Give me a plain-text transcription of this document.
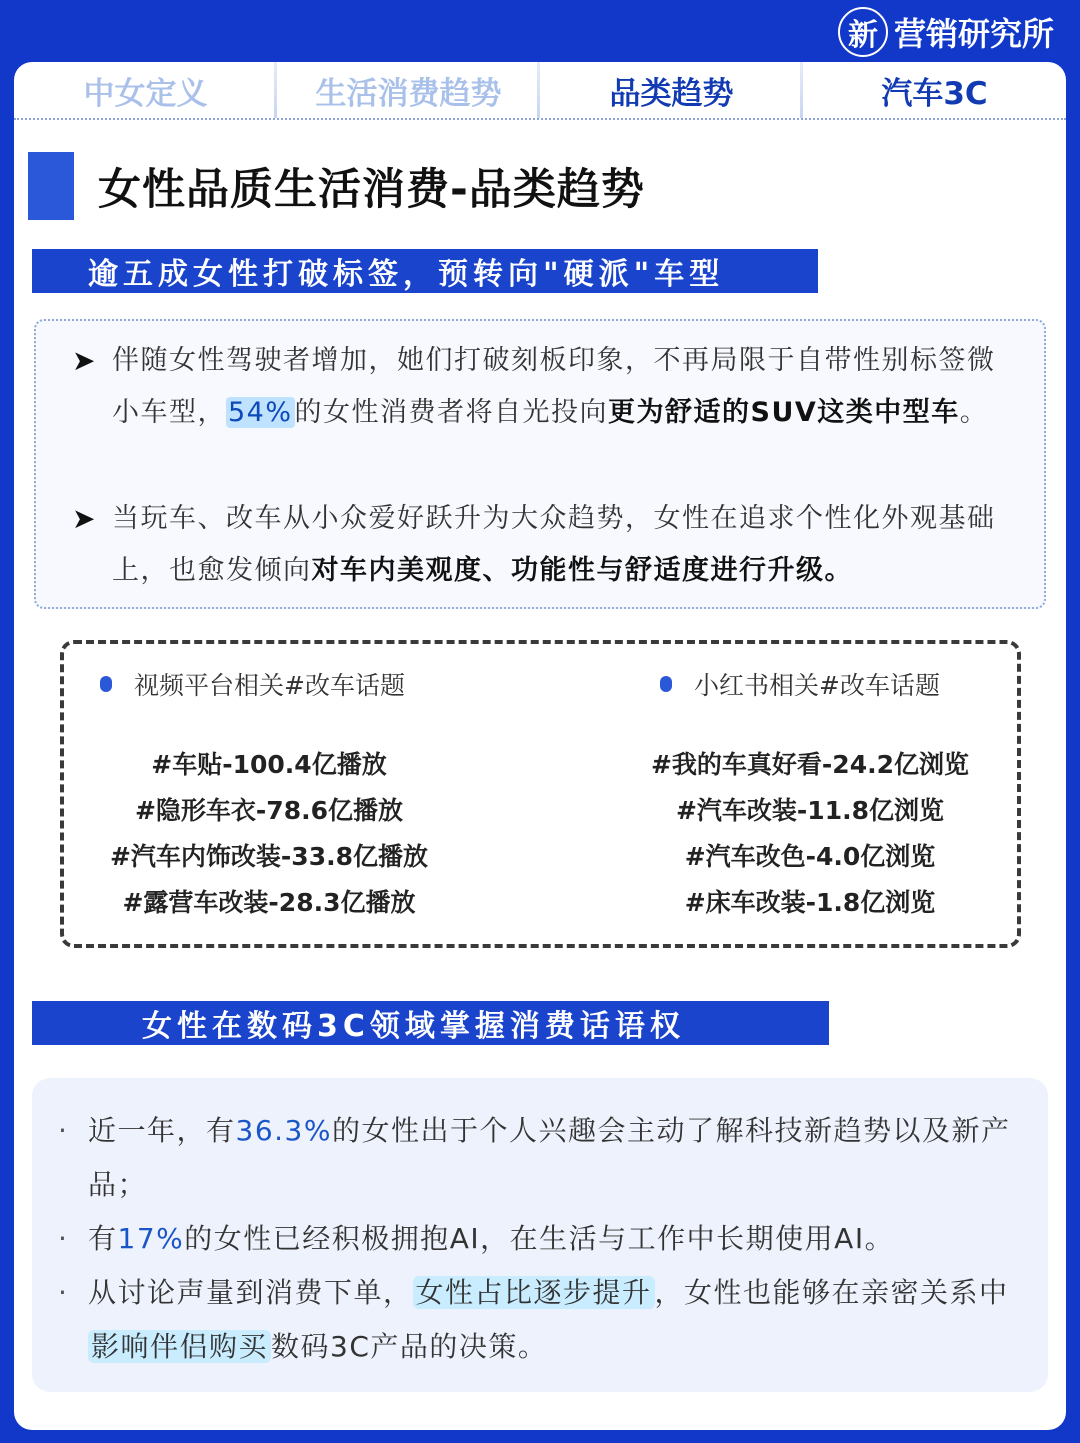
新 营销研究所
中女定义	生活消费趋势	品类趋势	汽车3C
女性品质生活消费-品类趋势
逾五成女性打破标签，预转向"硬派"车型
➤ 伴随女性驾驶者增加，她们打破刻板印象，不再局限于自带性别标签微小车型，54%的女性消费者将自光投向更为舒适的SUV这类中型车。
➤ 当玩车、改车从小众爱好跃升为大众趋势，女性在追求个性化外观基础上，也愈发倾向对车内美观度、功能性与舒适度进行升级。
视频平台相关#改车话题
#车贴-100.4亿播放
#隐形车衣-78.6亿播放
#汽车内饰改装-33.8亿播放
#露营车改装-28.3亿播放
小红书相关#改车话题
#我的车真好看-24.2亿浏览
#汽车改装-11.8亿浏览
#汽车改色-4.0亿浏览
#床车改装-1.8亿浏览
女性在数码3C领域掌握消费话语权
· 近一年，有36.3%的女性出于个人兴趣会主动了解科技新趋势以及新产品；
· 有17%的女性已经积极拥抱AI，在生活与工作中长期使用AI。
· 从讨论声量到消费下单， 女性占比逐步提升 ，女性也能够在亲密关系中影响伴侣购买 数码3C产品的决策。
